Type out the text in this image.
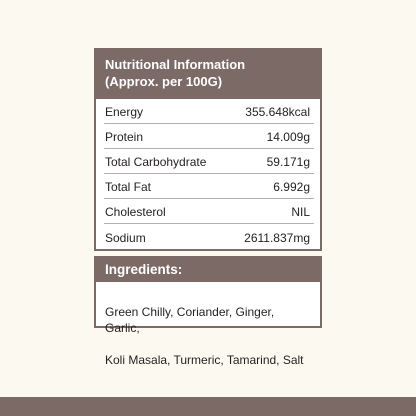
Nutritional Information
(Approx. per 100G)
Energy	355.648kcal
Protein	14.009g
Total Carbohydrate	59.171g
Total Fat	6.992g
Cholesterol	NIL
Sodium	2611.837mg
Ingredients:

Green Chilly, Coriander, Ginger, Garlic,

Koli Masala, Turmeric, Tamarind, Salt
